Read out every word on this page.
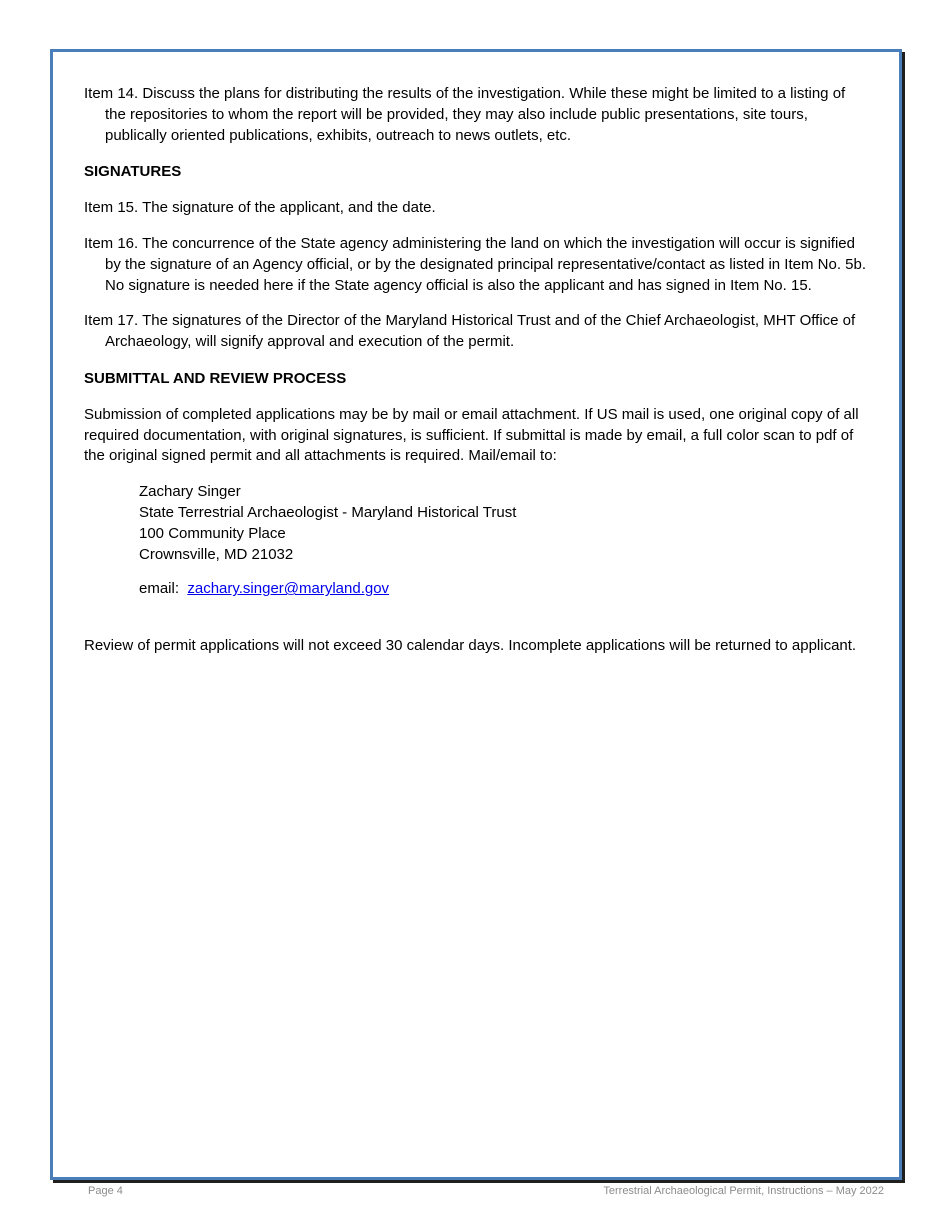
Item 14. Discuss the plans for distributing the results of the investigation. While these might be limited to a listing of the repositories to whom the report will be provided, they may also include public presentations, site tours, publically oriented publications, exhibits, outreach to news outlets, etc.

SIGNATURES

Item 15. The signature of the applicant, and the date.

Item 16. The concurrence of the State agency administering the land on which the investigation will occur is signified by the signature of an Agency official, or by the designated principal representative/contact as listed in Item No. 5b. No signature is needed here if the State agency official is also the applicant and has signed in Item No. 15.

Item 17. The signatures of the Director of the Maryland Historical Trust and of the Chief Archaeologist, MHT Office of Archaeology, will signify approval and execution of the permit.

SUBMITTAL AND REVIEW PROCESS

Submission of completed applications may be by mail or email attachment. If US mail is used, one original copy of all required documentation, with original signatures, is sufficient. If submittal is made by email, a full color scan to pdf of the original signed permit and all attachments is required. Mail/email to:

Zachary Singer
State Terrestrial Archaeologist - Maryland Historical Trust
100 Community Place
Crownsville, MD 21032
email: zachary.singer@maryland.gov

Review of permit applications will not exceed 30 calendar days. Incomplete applications will be returned to applicant.

Page 4	Terrestrial Archaeological Permit, Instructions – May 2022
